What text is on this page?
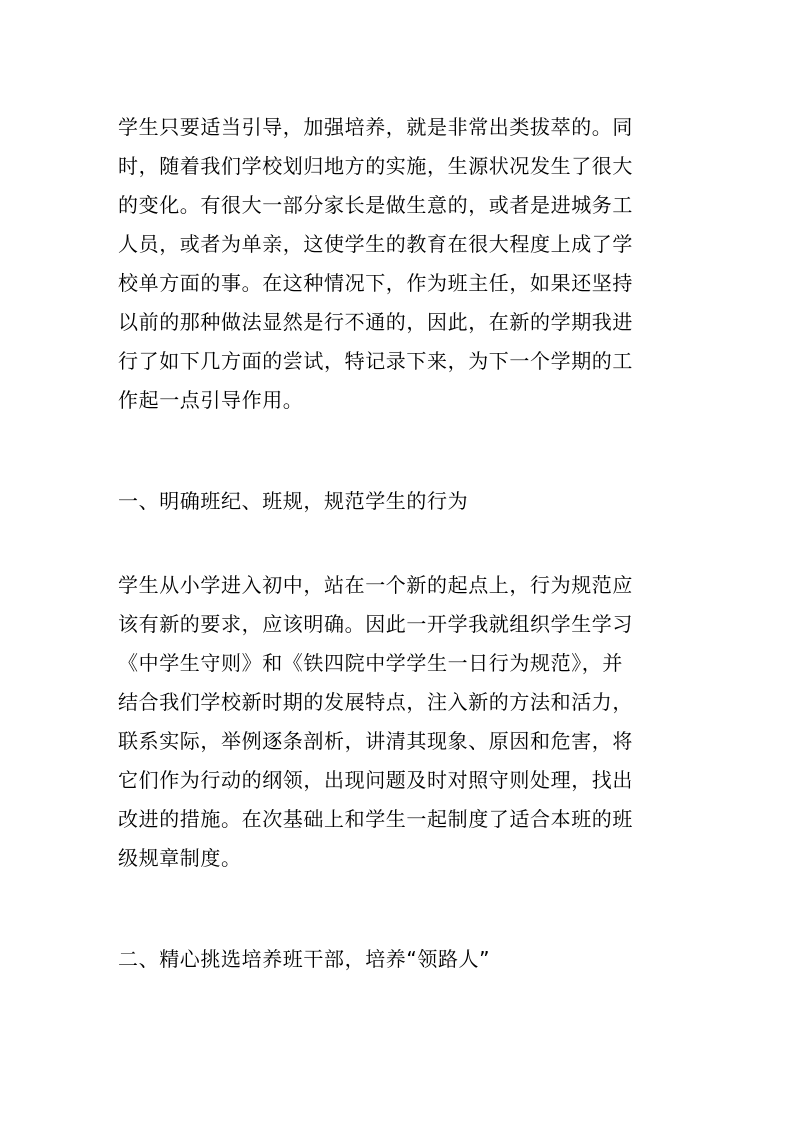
学生只要适当引导，加强培养，就是非常出类拔萃的。同
时，随着我们学校划归地方的实施，生源状况发生了很大
的变化。有很大一部分家长是做生意的，或者是进城务工
人员，或者为单亲，这使学生的教育在很大程度上成了学
校单方面的事。在这种情况下，作为班主任，如果还坚持
以前的那种做法显然是行不通的，因此，在新的学期我进
行了如下几方面的尝试，特记录下来，为下一个学期的工
作起一点引导作用。
一、明确班纪、班规，规范学生的行为
学生从小学进入初中，站在一个新的起点上，行为规范应
该有新的要求，应该明确。因此一开学我就组织学生学习
《中学生守则》和《铁四院中学学生一日行为规范》，并
结合我们学校新时期的发展特点，注入新的方法和活力，
联系实际，举例逐条剖析，讲清其现象、原因和危害，将
它们作为行动的纲领，出现问题及时对照守则处理，找出
改进的措施。在次基础上和学生一起制度了适合本班的班
级规章制度。
二、精心挑选培养班干部，培养“领路人”
